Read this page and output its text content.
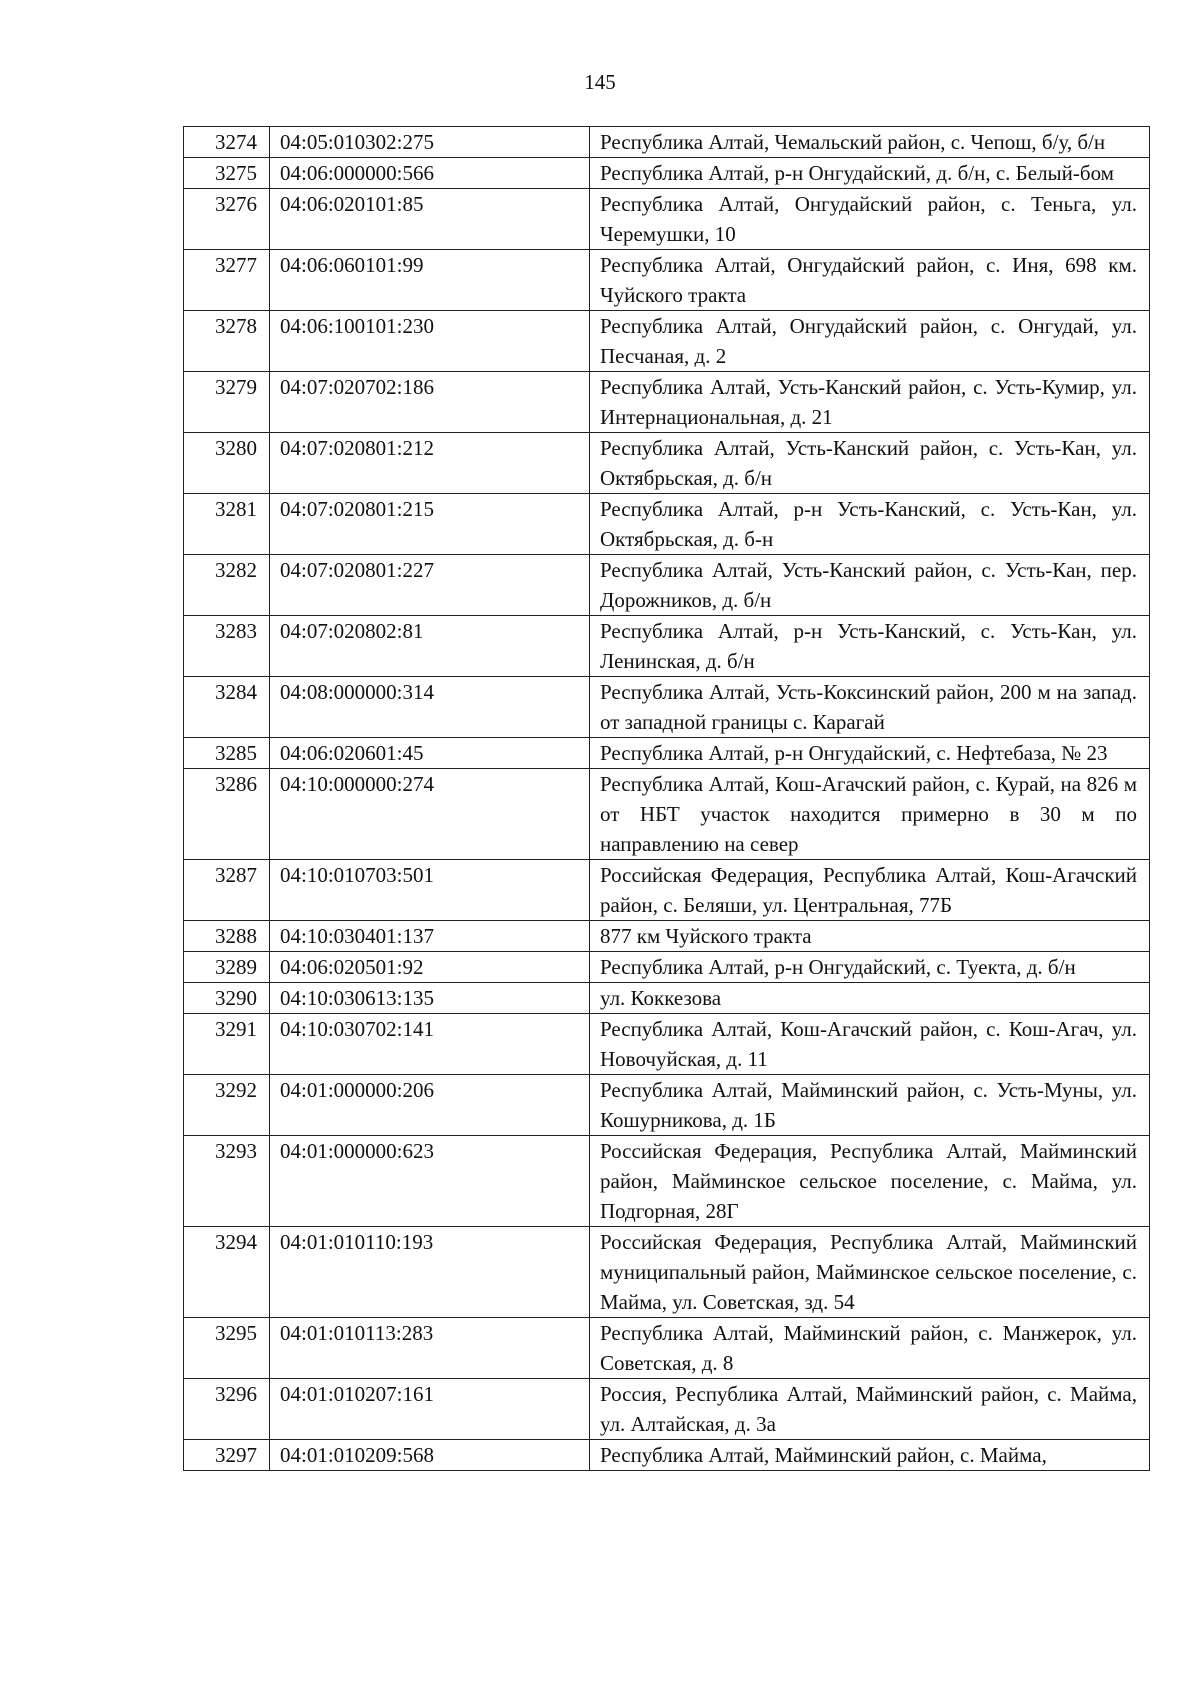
145
3274	04:05:010302:275	Республика Алтай, Чемальский район, с. Чепош, б/у, б/н
3275	04:06:000000:566	Республика Алтай, р-н Онгудайский, д. б/н, с. Белый-бом
3276	04:06:020101:85	Республика Алтай, Онгудайский район, с. Теньга, ул. Черемушки, 10
3277	04:06:060101:99	Республика Алтай, Онгудайский район, с. Иня, 698 км. Чуйского тракта
3278	04:06:100101:230	Республика Алтай, Онгудайский район, с. Онгудай, ул. Песчаная, д. 2
3279	04:07:020702:186	Республика Алтай, Усть-Канский район, с. Усть-Кумир, ул. Интернациональная, д. 21
3280	04:07:020801:212	Республика Алтай, Усть-Канский район, с. Усть-Кан, ул. Октябрьская, д. б/н
3281	04:07:020801:215	Республика Алтай, р-н Усть-Канский, с. Усть-Кан, ул. Октябрьская, д. б-н
3282	04:07:020801:227	Республика Алтай, Усть-Канский район, с. Усть-Кан, пер. Дорожников, д. б/н
3283	04:07:020802:81	Республика Алтай, р-н Усть-Канский, с. Усть-Кан, ул. Ленинская, д. б/н
3284	04:08:000000:314	Республика Алтай, Усть-Коксинский район, 200 м на запад. от западной границы с. Карагай
3285	04:06:020601:45	Республика Алтай, р-н Онгудайский, с. Нефтебаза, № 23
3286	04:10:000000:274	Республика Алтай, Кош-Агачский район, с. Курай, на 826 м от НБТ участок находится примерно в 30 м по направлению на север
3287	04:10:010703:501	Российская Федерация, Республика Алтай, Кош-Агачский район, с. Беляши, ул. Центральная, 77Б
3288	04:10:030401:137	877 км Чуйского тракта
3289	04:06:020501:92	Республика Алтай, р-н Онгудайский, с. Туекта, д. б/н
3290	04:10:030613:135	ул. Коккезова
3291	04:10:030702:141	Республика Алтай, Кош-Агачский район, с. Кош-Агач, ул. Новочуйская, д. 11
3292	04:01:000000:206	Республика Алтай, Майминский район, с. Усть-Муны, ул. Кошурникова, д. 1Б
3293	04:01:000000:623	Российская Федерация, Республика Алтай, Майминский район, Майминское сельское поселение, с. Майма, ул. Подгорная, 28Г
3294	04:01:010110:193	Российская Федерация, Республика Алтай, Майминский муниципальный район, Майминское сельское поселение, с. Майма, ул. Советская, зд. 54
3295	04:01:010113:283	Республика Алтай, Майминский район, с. Манжерок, ул. Советская, д. 8
3296	04:01:010207:161	Россия, Республика Алтай, Майминский район, с. Майма, ул. Алтайская, д. 3а
3297	04:01:010209:568	Республика Алтай, Майминский район, с. Майма,
